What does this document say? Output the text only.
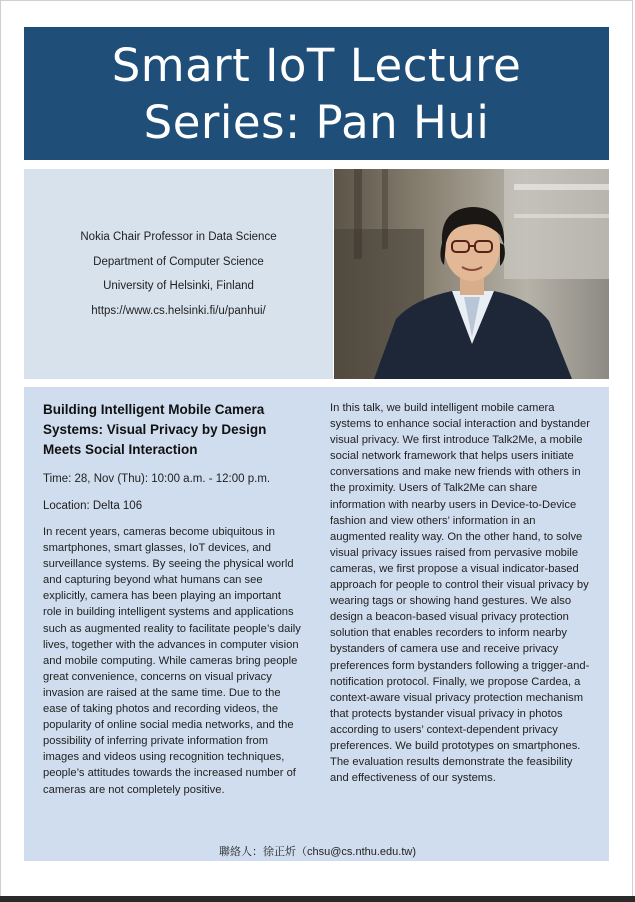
Smart IoT Lecture Series: Pan Hui
Nokia Chair Professor in Data Science
Department of Computer Science
University of Helsinki, Finland
https://www.cs.helsinki.fi/u/panhui/
Building Intelligent Mobile Camera Systems: Visual Privacy by Design Meets Social Interaction
Time: 28, Nov (Thu): 10:00 a.m. - 12:00 p.m.
Location: Delta 106

In recent years, cameras become ubiquitous in smartphones, smart glasses, IoT devices, and surveillance systems. By seeing the physical world and capturing beyond what humans can see explicitly, camera has been playing an important role in building intelligent systems and applications such as augmented reality to facilitate people’s daily lives, together with the advances in computer vision and mobile computing. While cameras bring people great convenience, concerns on visual privacy invasion are raised at the same time. Due to the ease of taking photos and recording videos, the popularity of online social media networks, and the possibility of inferring private information from images and videos using recognition techniques, people’s attitudes towards the increased number of cameras are not completely positive.

In this talk, we build intelligent mobile camera systems to enhance social interaction and bystander visual privacy. We first introduce Talk2Me, a mobile social network framework that helps users initiate conversations and make new friends with others in the proximity. Users of Talk2Me can share information with nearby users in Device-to-Device fashion and view others’ information in an augmented reality way. On the other hand, to solve visual privacy issues raised from pervasive mobile cameras, we first propose a visual indicator-based approach for people to control their visual privacy by wearing tags or showing hand gestures. We also design a beacon-based visual privacy protection solution that enables recorders to inform nearby bystanders of camera use and receive privacy preferences form bystanders following a trigger-and-notification protocol. Finally, we propose Cardea, a context-aware visual privacy protection mechanism that protects bystander visual privacy in photos according to users’ context-dependent privacy preferences. We build prototypes on smartphones. The evaluation results demonstrate the feasibility and effectiveness of our systems.

聯絡人：徐正炘（chsu@cs.nthu.edu.tw)
